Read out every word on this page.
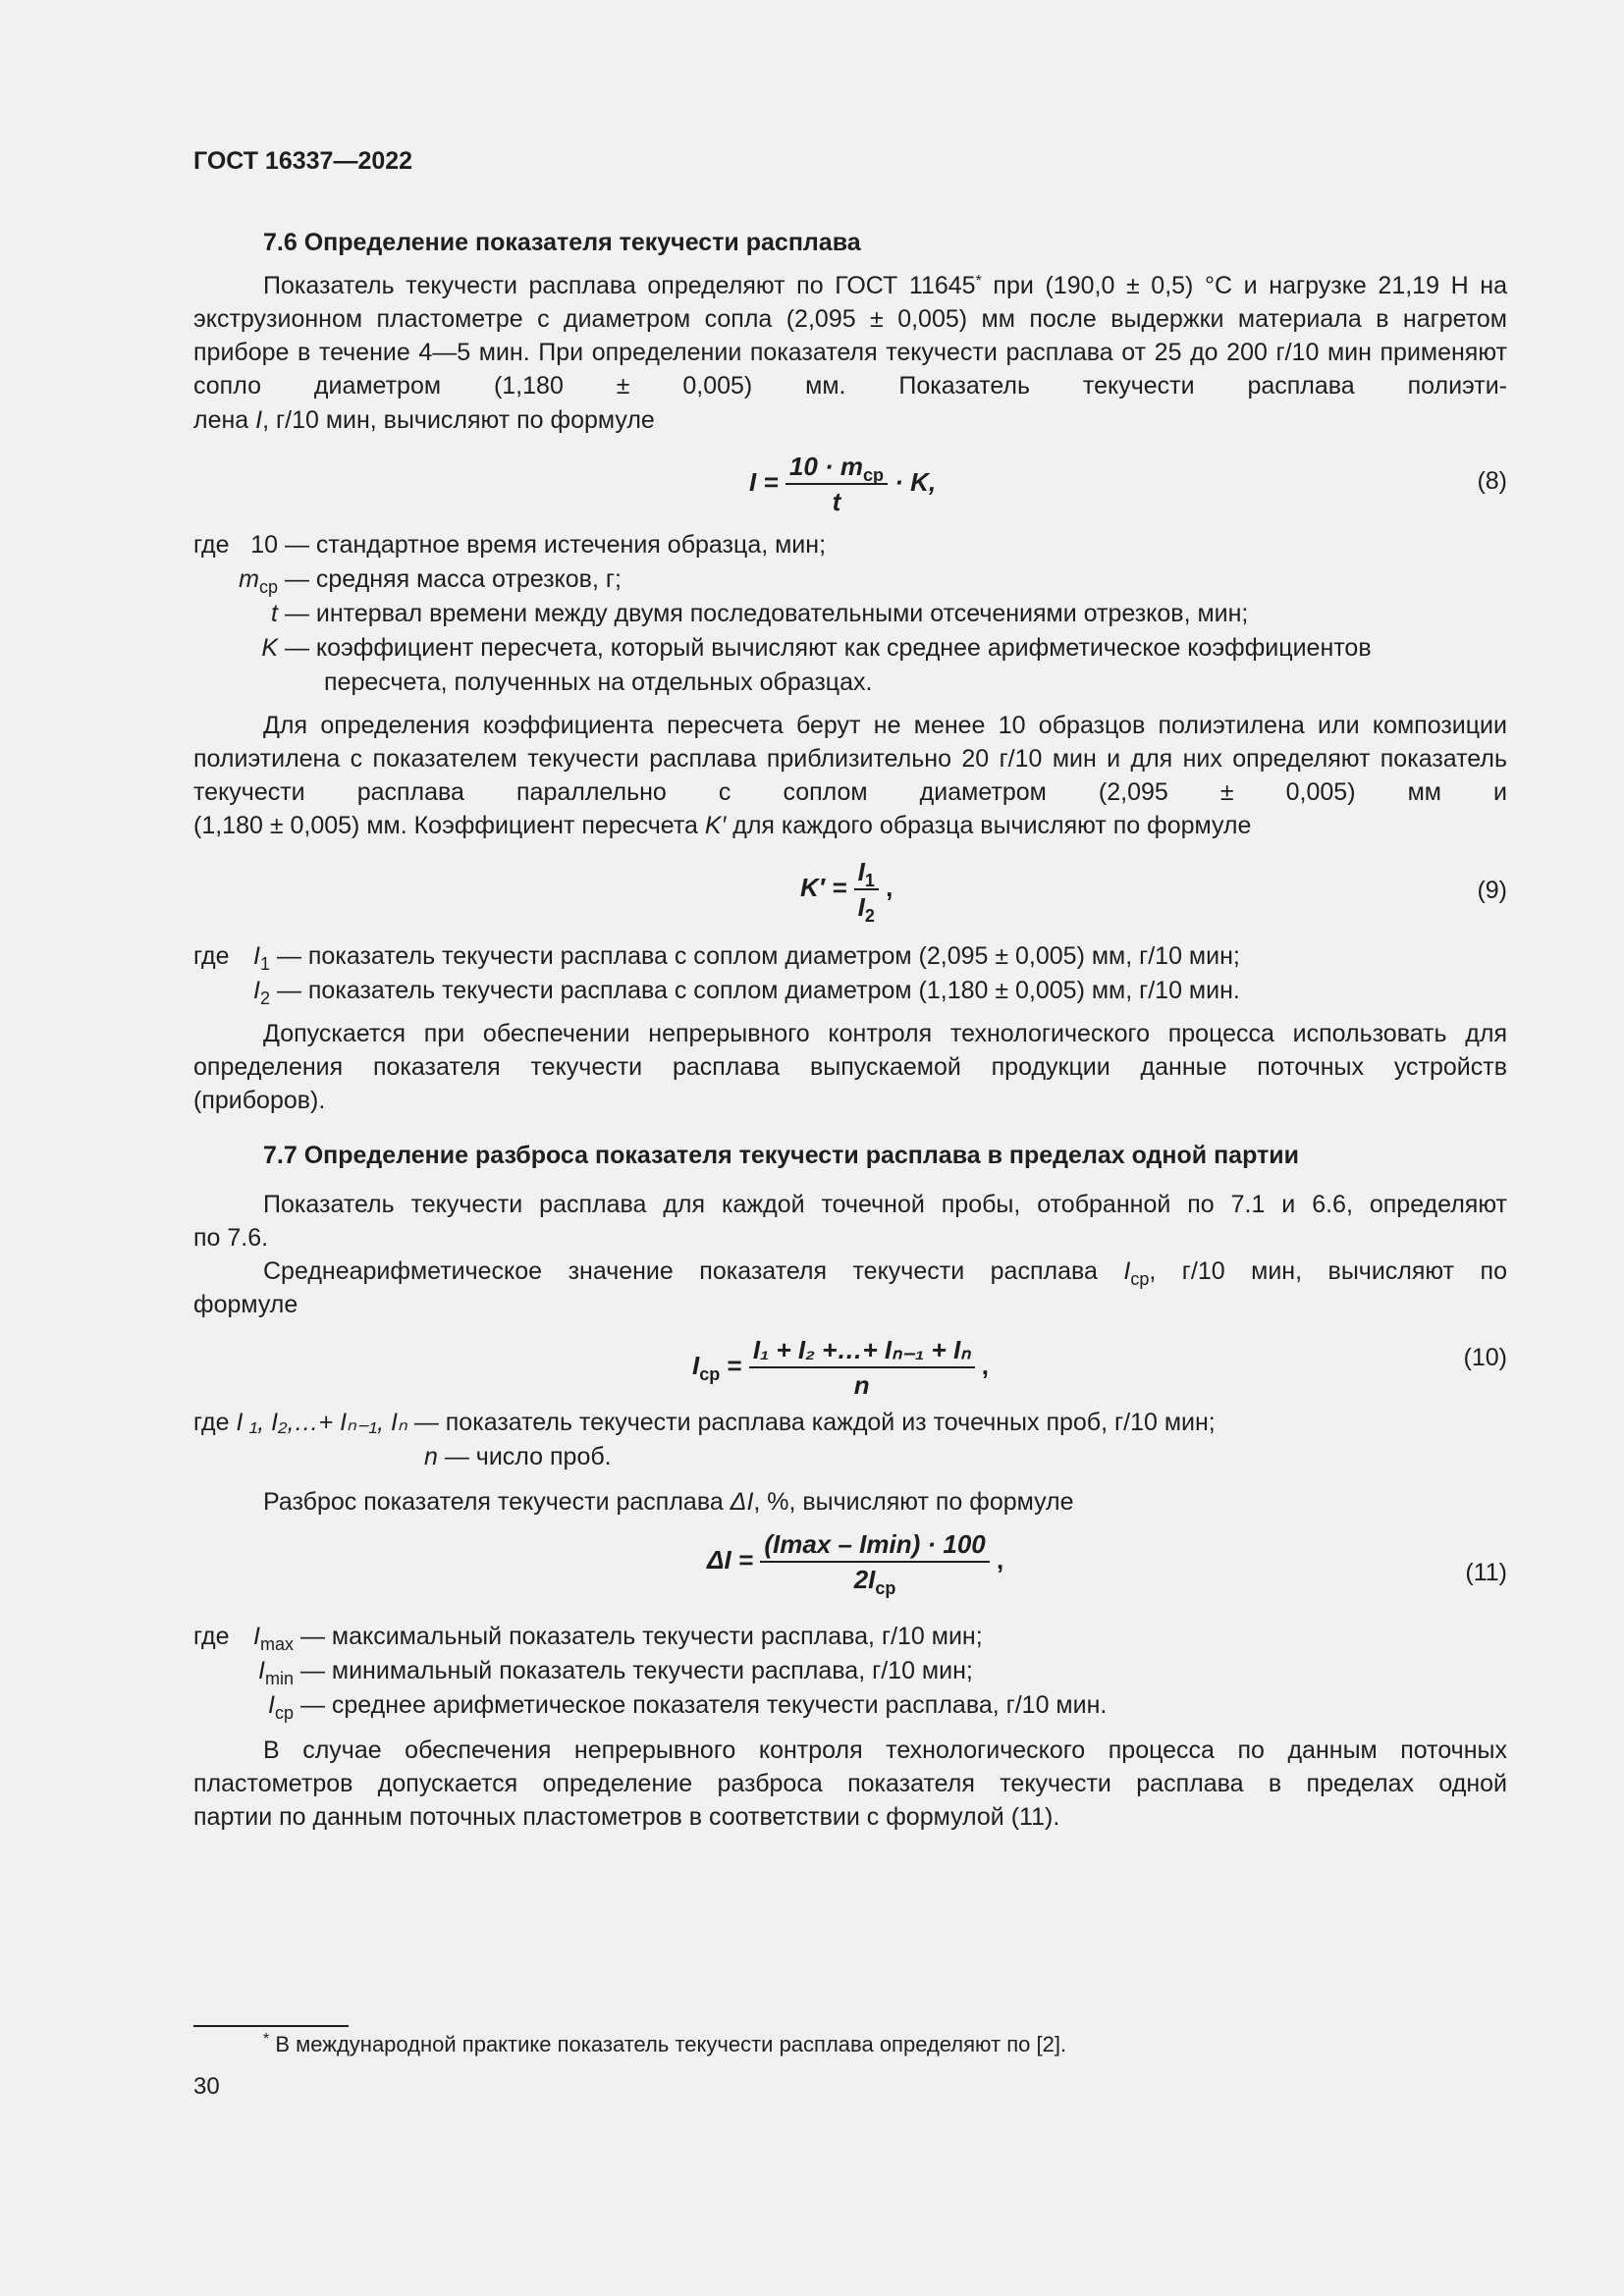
ГОСТ 16337—2022
7.6 Определение показателя текучести расплава
Показатель текучести расплава определяют по ГОСТ 11645* при (190,0 ± 0,5) °С и нагрузке 21,19 Н на экструзионном пластометре с диаметром сопла (2,095 ± 0,005) мм после выдержки материала в нагретом приборе в течение 4—5 мин. При определении показателя текучести расплава от 25 до 200 г/10 мин применяют сопло диаметром (1,180 ± 0,005) мм. Показатель текучести расплава полиэти-
лена I, г/10 мин, вычисляют по формуле
$I = \frac{10 \cdot m_{cp}}{t} \cdot K$,	(8)
где 10 — стандартное время истечения образца, мин;
$m_{cp}$ — средняя масса отрезков, г;
t — интервал времени между двумя последовательными отсечениями отрезков, мин;
K — коэффициент пересчета, который вычисляют как среднее арифметическое коэффициентов
пересчета, полученных на отдельных образцах.
Для определения коэффициента пересчета берут не менее 10 образцов полиэтилена или композиции полиэтилена с показателем текучести расплава приблизительно 20 г/10 мин и для них определяют показатель текучести расплава параллельно с соплом диаметром (2,095 ± 0,005) мм и
(1,180 ± 0,005) мм. Коэффициент пересчета K′ для каждого образца вычисляют по формуле
$K' = \frac{I_1}{I_2}$ ,	(9)
где $I_1$ — показатель текучести расплава с соплом диаметром (2,095 ± 0,005) мм, г/10 мин;
$I_2$ — показатель текучести расплава с соплом диаметром (1,180 ± 0,005) мм, г/10 мин.
Допускается при обеспечении непрерывного контроля технологического процесса использовать для определения показателя текучести расплава выпускаемой продукции данные поточных устройств
(приборов).
7.7 Определение разброса показателя текучести расплава в пределах одной партии
Показатель текучести расплава для каждой точечной пробы, отобранной по 7.1 и 6.6, определяют
по 7.6.
Среднеарифметическое значение показателя текучести расплава $I_{cp}$, г/10 мин, вычисляют по
формуле
$I_{cp} = \frac{\text{I₁ + I₂ +…+ Iₙ₋₁ + Iₙ}}{n}$ ,	(10)
где I ₁, I₂,…+ Iₙ₋₁, Iₙ — показатель текучести расплава каждой из точечных проб, г/10 мин;
n — число проб.
Разброс показателя текучести расплава ΔI, %, вычисляют по формуле
$\Delta I = \frac{(Imax - Imin) \cdot 100}{2I_{cp}}$ ,	(11)
где $I_{max}$ — максимальный показатель текучести расплава, г/10 мин;
$I_{min}$ — минимальный показатель текучести расплава, г/10 мин;
$I_{cp}$ — среднее арифметическое показателя текучести расплава, г/10 мин.
В случае обеспечения непрерывного контроля технологического процесса по данным поточных пластометров допускается определение разброса показателя текучести расплава в пределах одной
партии по данным поточных пластометров в соответствии с формулой (11).
* В международной практике показатель текучести расплава определяют по [2].
30
